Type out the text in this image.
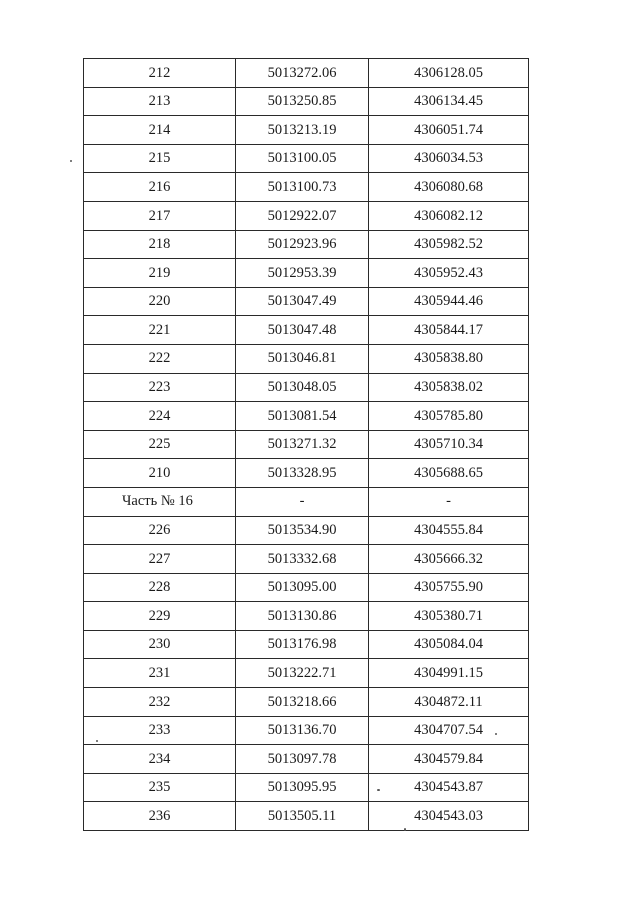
212	5013272.06	4306128.05
213	5013250.85	4306134.45
214	5013213.19	4306051.74
215	5013100.05	4306034.53
216	5013100.73	4306080.68
217	5012922.07	4306082.12
218	5012923.96	4305982.52
219	5012953.39	4305952.43
220	5013047.49	4305944.46
221	5013047.48	4305844.17
222	5013046.81	4305838.80
223	5013048.05	4305838.02
224	5013081.54	4305785.80
225	5013271.32	4305710.34
210	5013328.95	4305688.65
Часть № 16	-	-
226	5013534.90	4304555.84
227	5013332.68	4305666.32
228	5013095.00	4305755.90
229	5013130.86	4305380.71
230	5013176.98	4305084.04
231	5013222.71	4304991.15
232	5013218.66	4304872.11
233	5013136.70	4304707.54
234	5013097.78	4304579.84
235	5013095.95	4304543.87
236	5013505.11	4304543.03
